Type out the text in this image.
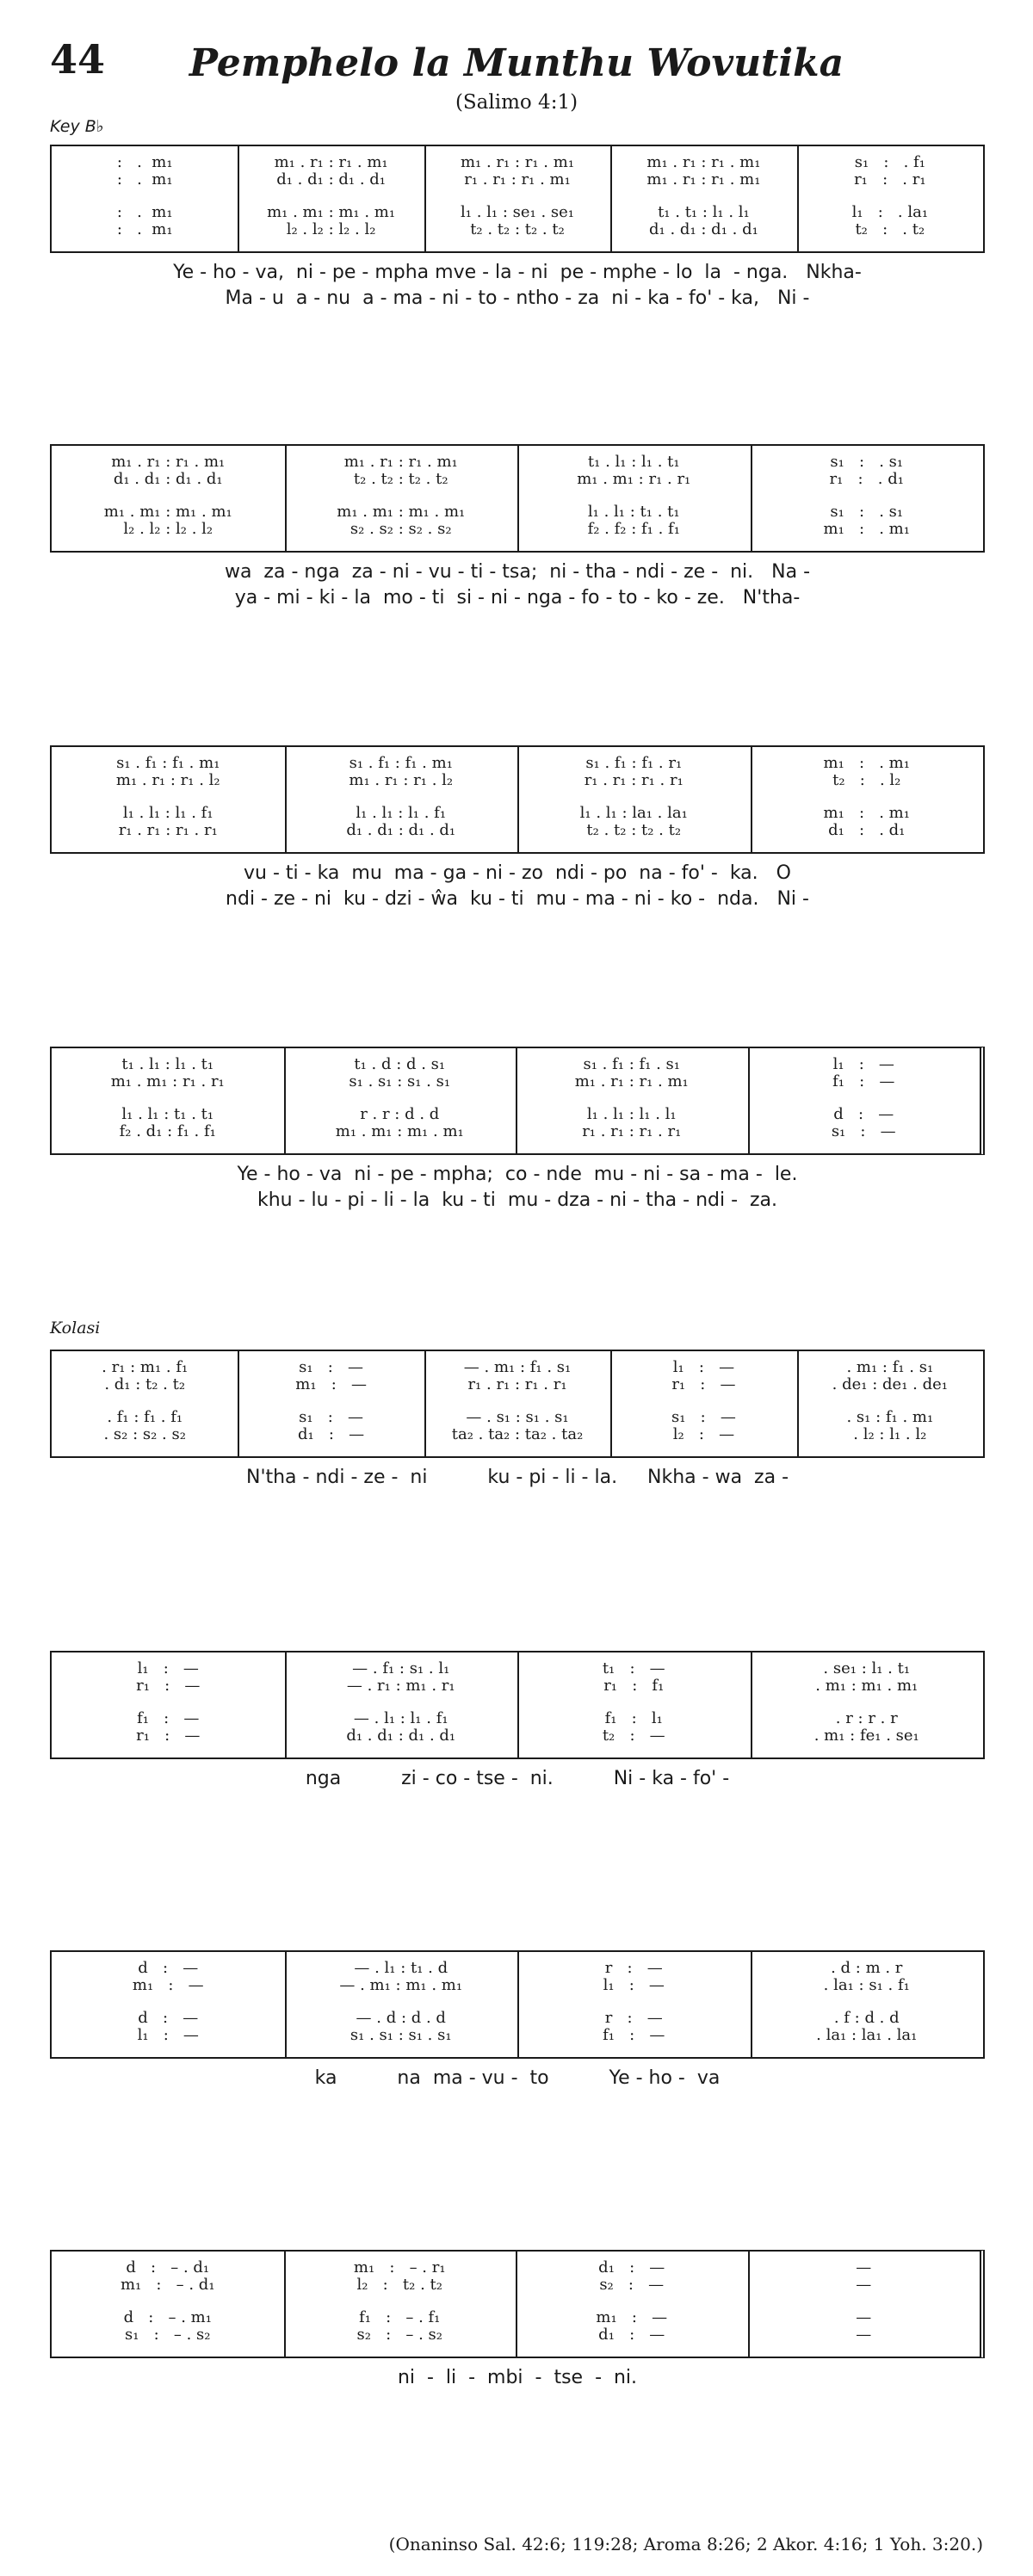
44	Pemphelo la Munthu Wovutika
(Salimo 4:1)
Key B♭
Kolasi
:   .  m₁	m₁ . r₁ : r₁ . m₁	m₁ . r₁ : r₁ . m₁	m₁ . r₁ : r₁ . m₁	s₁   :   . f₁
:   .  m₁	d₁ . d₁ : d₁ . d₁	r₁ . r₁ : r₁ . m₁	m₁ . r₁ : r₁ . m₁	r₁   :   . r₁
:   .  m₁	m₁ . m₁ : m₁ . m₁	l₁ . l₁ : se₁ . se₁	t₁ . t₁ : l₁ . l₁	l₁   :   . la₁
:   .  m₁	l₂ . l₂ : l₂ . l₂	t₂ . t₂ : t₂ . t₂	d₁ . d₁ : d₁ . d₁	t₂   :   . t₂
Ye - ho - va,  ni - pe - mpha mve - la - ni  pe - mphe - lo  la  - nga.   Nkha-
Ma - u  a - nu  a - ma - ni - to - ntho - za  ni - ka - fo' - ka,   Ni -
m₁ . r₁ : r₁ . m₁	m₁ . r₁ : r₁ . m₁	t₁ . l₁ : l₁ . t₁	s₁   :   . s₁
d₁ . d₁ : d₁ . d₁	t₂ . t₂ : t₂ . t₂	m₁ . m₁ : r₁ . r₁	r₁   :   . d₁
m₁ . m₁ : m₁ . m₁	m₁ . m₁ : m₁ . m₁	l₁ . l₁ : t₁ . t₁	s₁   :   . s₁
l₂ . l₂ : l₂ . l₂	s₂ . s₂ : s₂ . s₂	f₂ . f₂ : f₁ . f₁	m₁   :   . m₁
wa  za - nga  za - ni - vu - ti - tsa;  ni - tha - ndi - ze -  ni.   Na -
ya - mi - ki - la  mo - ti  si - ni - nga - fo - to - ko - ze.   N'tha-
s₁ . f₁ : f₁ . m₁	s₁ . f₁ : f₁ . m₁	s₁ . f₁ : f₁ . r₁	m₁   :   . m₁
m₁ . r₁ : r₁ . l₂	m₁ . r₁ : r₁ . l₂	r₁ . r₁ : r₁ . r₁	t₂   :   . l₂
l₁ . l₁ : l₁ . f₁	l₁ . l₁ : l₁ . f₁	l₁ . l₁ : la₁ . la₁	m₁   :   . m₁
r₁ . r₁ : r₁ . r₁	d₁ . d₁ : d₁ . d₁	t₂ . t₂ : t₂ . t₂	d₁   :   . d₁
vu - ti - ka  mu  ma - ga - ni - zo  ndi - po  na - fo' -  ka.   O
ndi - ze - ni  ku - dzi - ŵa  ku - ti  mu - ma - ni - ko -  nda.   Ni -
t₁ . l₁ : l₁ . t₁	t₁ . d : d . s₁	s₁ . f₁ : f₁ . s₁	l₁   :   —
m₁ . m₁ : r₁ . r₁	s₁ . s₁ : s₁ . s₁	m₁ . r₁ : r₁ . m₁	f₁   :   —
l₁ . l₁ : t₁ . t₁	r . r : d . d	l₁ . l₁ : l₁ . l₁	d   :   —
f₂ . d₁ : f₁ . f₁	m₁ . m₁ : m₁ . m₁	r₁ . r₁ : r₁ . r₁	s₁   :   —
Ye - ho - va  ni - pe - mpha;  co - nde  mu - ni - sa - ma -  le.
khu - lu - pi - li - la  ku - ti  mu - dza - ni - tha - ndi -  za.
. r₁ : m₁ . f₁	s₁   :   —	— . m₁ : f₁ . s₁	l₁   :   —	. m₁ : f₁ . s₁
. d₁ : t₂ . t₂	m₁   :   —	r₁ . r₁ : r₁ . r₁	r₁   :   —	. de₁ : de₁ . de₁
. f₁ : f₁ . f₁	s₁   :   —	— . s₁ : s₁ . s₁	s₁   :   —	. s₁ : f₁ . m₁
. s₂ : s₂ . s₂	d₁   :   —	ta₂ . ta₂ : ta₂ . ta₂	l₂   :   —	. l₂ : l₁ . l₂
N'tha - ndi - ze -  ni          ku - pi - li - la.     Nkha - wa  za -
l₁   :   —	— . f₁ : s₁ . l₁	t₁   :   —	. se₁ : l₁ . t₁
r₁   :   —	— . r₁ : m₁ . r₁	r₁   :   f₁	. m₁ : m₁ . m₁
f₁   :   —	— . l₁ : l₁ . f₁	f₁   :   l₁	. r : r . r
r₁   :   —	d₁ . d₁ : d₁ . d₁	t₂   :   —	. m₁ : fe₁ . se₁
nga          zi - co - tse -  ni.          Ni - ka - fo' -
d   :   —	— . l₁ : t₁ . d	r   :   —	. d : m . r
m₁   :   —	— . m₁ : m₁ . m₁	l₁   :   —	. la₁ : s₁ . f₁
d   :   —	— . d : d . d	r   :   —	. f : d . d
l₁   :   —	s₁ . s₁ : s₁ . s₁	f₁   :   —	. la₁ : la₁ . la₁
ka          na  ma - vu -  to          Ye - ho -  va
d   :   – . d₁	m₁   :   – . r₁	d₁   :   —	—
m₁   :   – . d₁	l₂   :   t₂ . t₂	s₂   :   —	—
d   :   – . m₁	f₁   :   – . f₁	m₁   :   —	—
s₁   :   – . s₂	s₂   :   – . s₂	d₁   :   —	—
ni  -  li  -  mbi  -  tse  -  ni.
(Onaninso Sal. 42:6; 119:28; Aroma 8:26; 2 Akor. 4:16; 1 Yoh. 3:20.)
